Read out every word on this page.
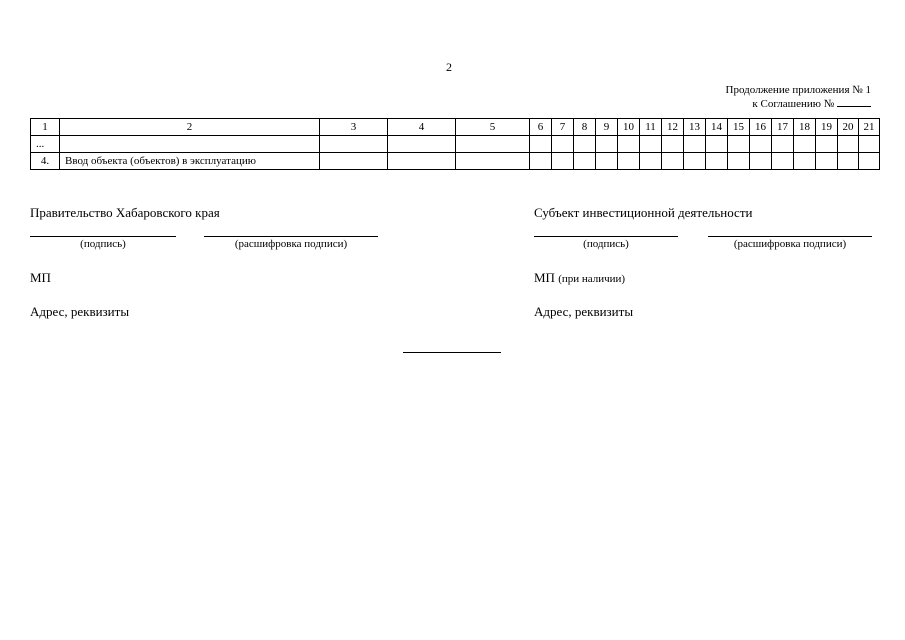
2
Продолжение приложения № 1
к Соглашению №
1	2	3	4	5	6	7	8	9	10	11	12	13	14	15	16	17	18	19	20	21
...																				
4.	Ввод объекта (объектов) в эксплуатацию																			
Правительство Хабаровского края
(подпись)	(расшифровка подписи)
МП
Адрес, реквизиты
Субъект инвестиционной деятельности
(подпись)	(расшифровка подписи)
МП (при наличии)
Адрес, реквизиты
